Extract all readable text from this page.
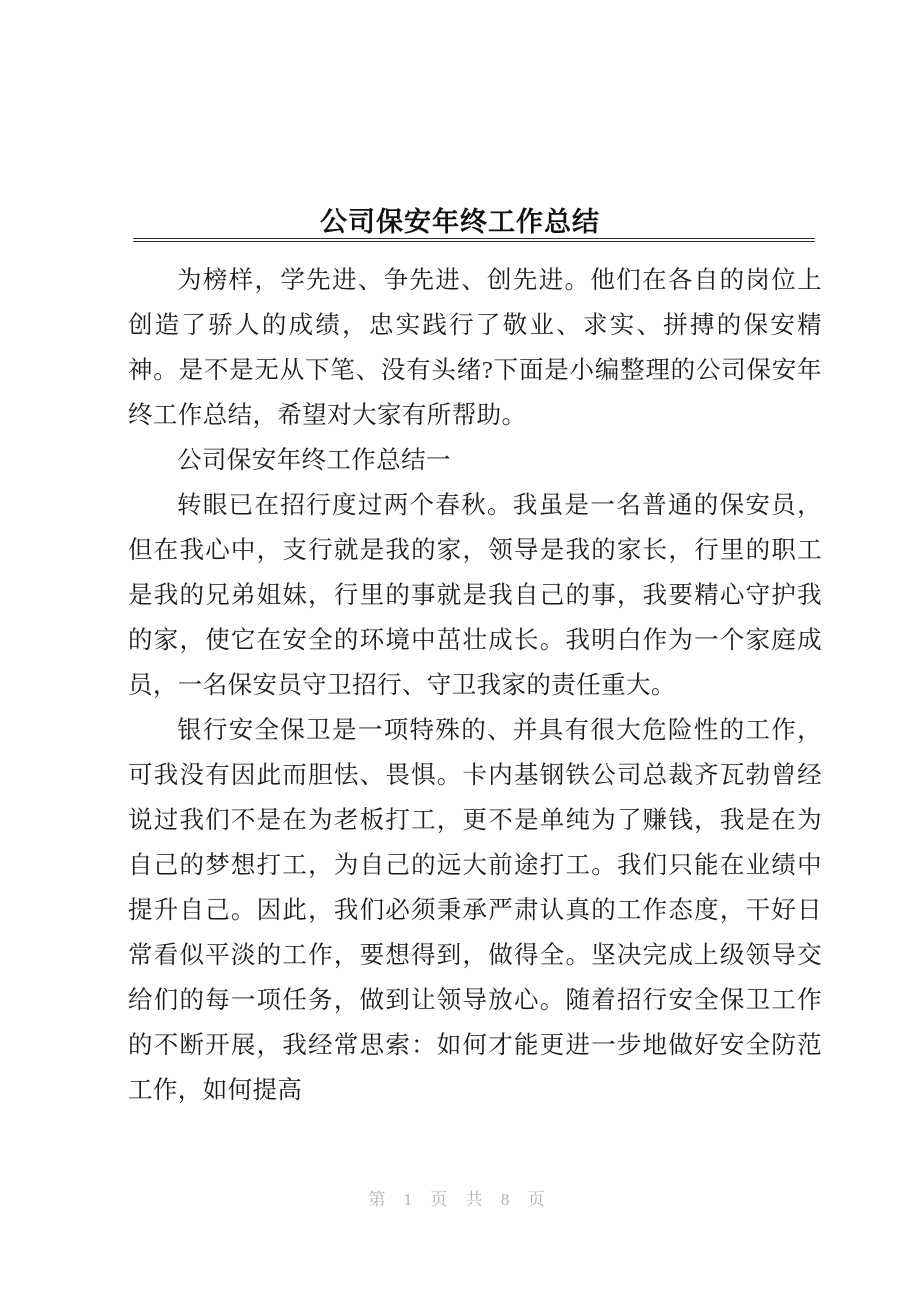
公司保安年终工作总结

为榜样，学先进、争先进、创先进。他们在各自的岗位上创造了骄人的成绩，忠实践行了敬业、求实、拼搏的保安精神。是不是无从下笔、没有头绪?下面是小编整理的公司保安年终工作总结，希望对大家有所帮助。

公司保安年终工作总结一

转眼已在招行度过两个春秋。我虽是一名普通的保安员，但在我心中，支行就是我的家，领导是我的家长，行里的职工是我的兄弟姐妹，行里的事就是我自己的事，我要精心守护我的家，使它在安全的环境中茁壮成长。我明白作为一个家庭成员，一名保安员守卫招行、守卫我家的责任重大。

银行安全保卫是一项特殊的、并具有很大危险性的工作，可我没有因此而胆怯、畏惧。卡内基钢铁公司总裁齐瓦勃曾经说过我们不是在为老板打工，更不是单纯为了赚钱，我是在为自己的梦想打工，为自己的远大前途打工。我们只能在业绩中提升自己。因此，我们必须秉承严肃认真的工作态度，干好日常看似平淡的工作，要想得到，做得全。坚决完成上级领导交给们的每一项任务，做到让领导放心。随着招行安全保卫工作的不断开展，我经常思索：如何才能更进一步地做好安全防范工作，如何提高

第 1 页 共 8 页
